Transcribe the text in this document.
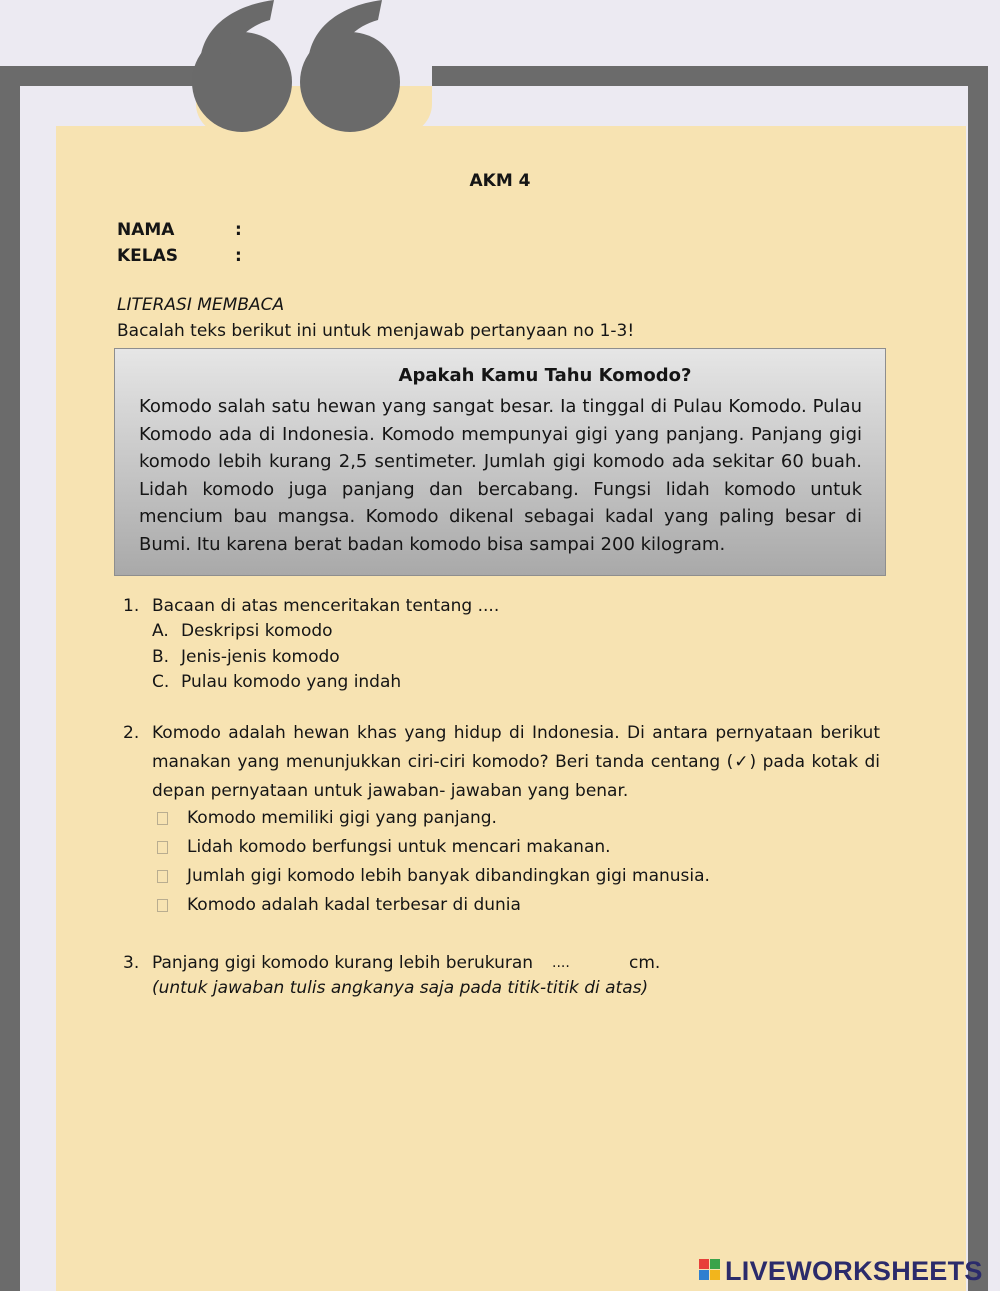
AKM 4
NAMA	:
KELAS	:
LITERASI MEMBACA
Bacalah teks berikut ini untuk menjawab pertanyaan no 1-3!
Apakah Kamu Tahu Komodo?
Komodo salah satu hewan yang sangat besar. Ia tinggal di Pulau Komodo. Pulau Komodo ada di Indonesia. Komodo mempunyai gigi yang panjang. Panjang gigi komodo lebih kurang 2,5 sentimeter. Jumlah gigi komodo ada sekitar 60 buah. Lidah komodo juga panjang dan bercabang. Fungsi lidah komodo untuk mencium bau mangsa. Komodo dikenal sebagai kadal yang paling besar di Bumi. Itu karena berat badan komodo bisa sampai 200 kilogram.
1. Bacaan di atas menceritakan tentang ....
A. Deskripsi komodo
B. Jenis-jenis komodo
C. Pulau komodo yang indah
2. Komodo adalah hewan khas yang hidup di Indonesia. Di antara pernyataan berikut manakan yang menunjukkan ciri-ciri komodo? Beri tanda centang (✓) pada kotak di depan pernyataan untuk jawaban- jawaban yang benar.
Komodo memiliki gigi yang panjang.
Lidah komodo berfungsi untuk mencari makanan.
Jumlah gigi komodo lebih banyak dibandingkan gigi manusia.
Komodo adalah kadal terbesar di dunia
3. Panjang gigi komodo kurang lebih berukuran ....	cm.
(untuk jawaban tulis angkanya saja pada titik-titik di atas)
LIVEWORKSHEETS
